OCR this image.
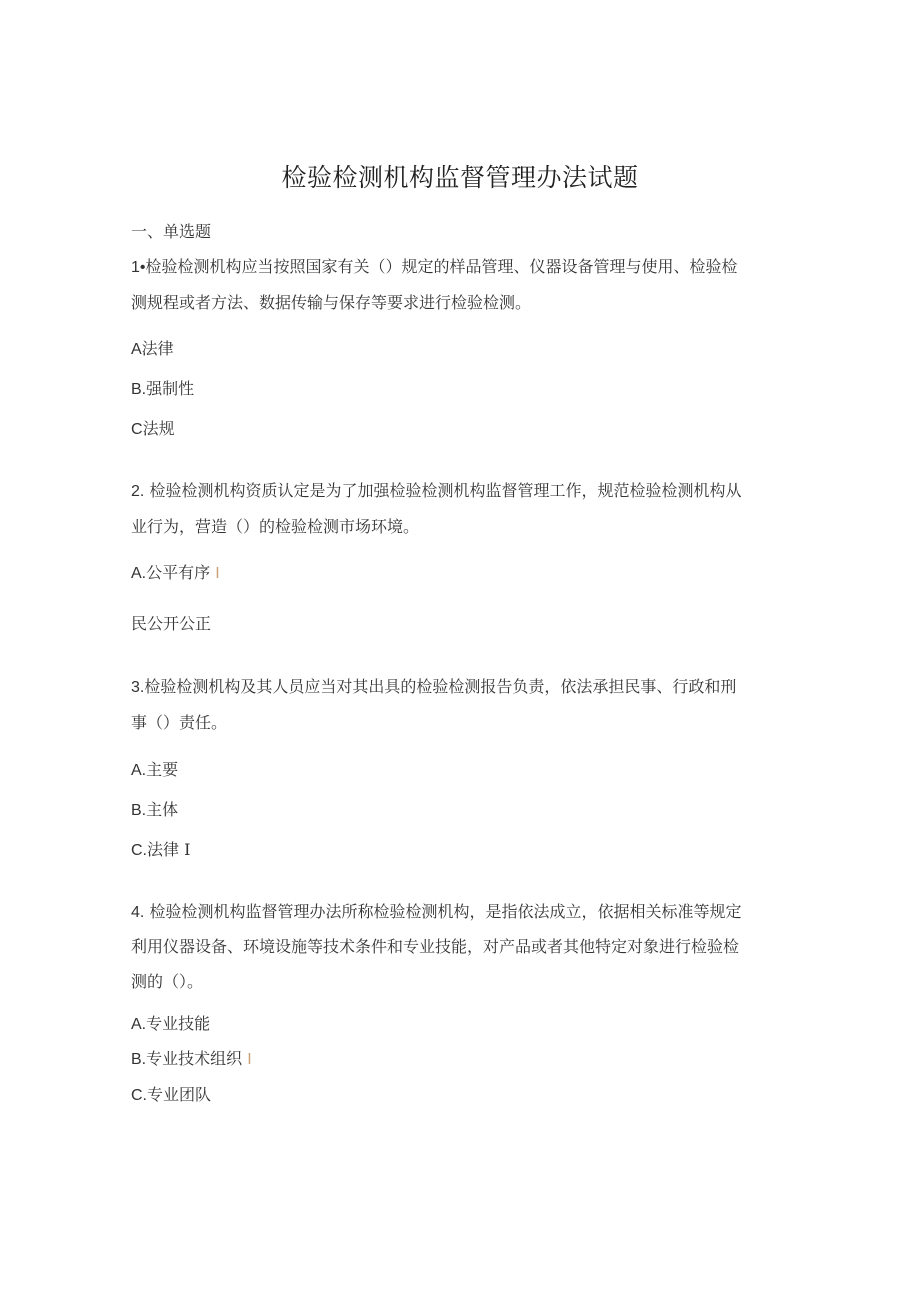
检验检测机构监督管理办法试题
一、单选题
1•检验检测机构应当按照国家有关（）规定的样品管理、仪器设备管理与使用、检验检
测规程或者方法、数据传输与保存等要求进行检验检测。
A法律
B.强制性
C法规
2. 检验检测机构资质认定是为了加强检验检测机构监督管理工作，规范检验检测机构从
业行为，营造（）的检验检测市场环境。
A.公平有序 I
民公开公正
3.检验检测机构及其人员应当对其出具的检验检测报告负责，依法承担民事、行政和刑
事（）责任。
A.主要
B.主体
C.法律 I
4. 检验检测机构监督管理办法所称检验检测机构，是指依法成立，依据相关标准等规定
利用仪器设备、环境设施等技术条件和专业技能，对产品或者其他特定对象进行检验检
测的（）。
A.专业技能
B.专业技术组织 I
C.专业团队
